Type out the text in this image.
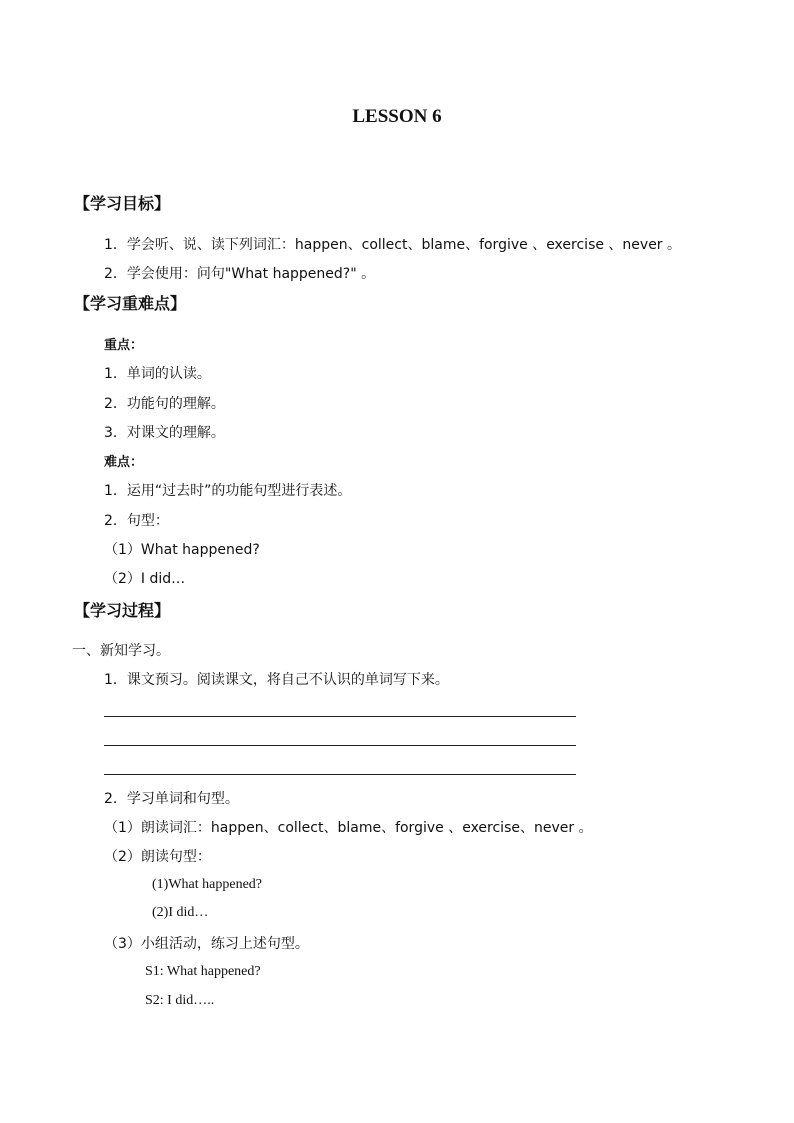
LESSON 6
【学习目标】
1．学会听、说、读下列词汇：happen、collect、blame、forgive 、exercise 、never 。
2．学会使用：问句"What happened?" 。
【学习重难点】
重点：
1．单词的认读。
2．功能句的理解。
3．对课文的理解。
难点：
1．运用“过去时”的功能句型进行表述。
2．句型：
（1）What happened?
（2）I did…
【学习过程】
一、新知学习。
1．课文预习。阅读课文，将自己不认识的单词写下来。
2．学习单词和句型。
（1）朗读词汇：happen、collect、blame、forgive 、exercise、never 。
（2）朗读句型：
(1)What happened?
(2)I did…
（3）小组活动，练习上述句型。
S1: What happened?
S2: I did…..
